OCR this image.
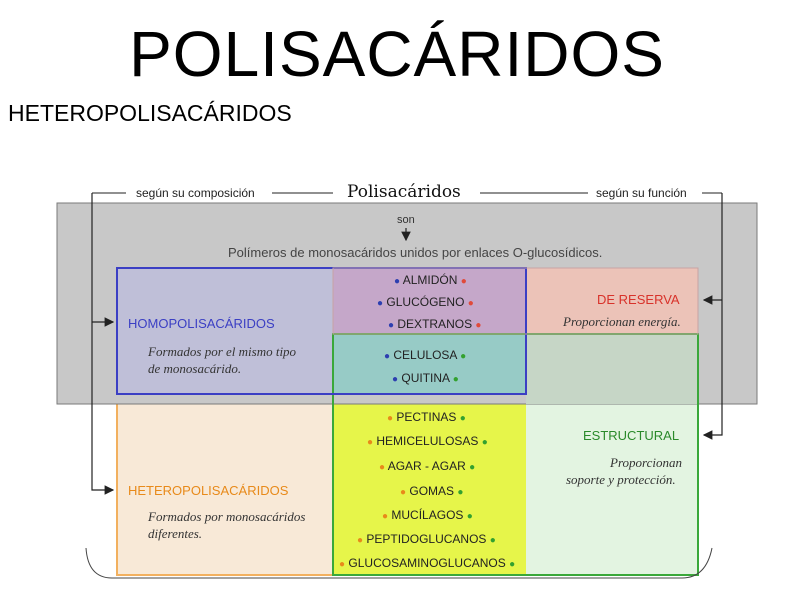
POLISACÁRIDOS
HETEROPOLISACÁRIDOS
según su composición	Polisacáridos	según su función
son
Polímeros de monosacáridos unidos por enlaces O-glucosídicos.
HOMOPOLISACÁRIDOS
Formados por el mismo tipo
de monosacárido.
HETEROPOLISACÁRIDOS
Formados por monosacáridos
diferentes.
DE RESERVA
Proporcionan energía.
ESTRUCTURAL
Proporcionan
soporte y protección.
● ALMIDÓN ●
● GLUCÓGENO ●
● DEXTRANOS ●
● CELULOSA ●
● QUITINA ●
● PECTINAS ●
● HEMICELULOSAS ●
● AGAR - AGAR ●
● GOMAS ●
● MUCÍLAGOS ●
● PEPTIDOGLUCANOS ●
● GLUCOSAMINOGLUCANOS ●
